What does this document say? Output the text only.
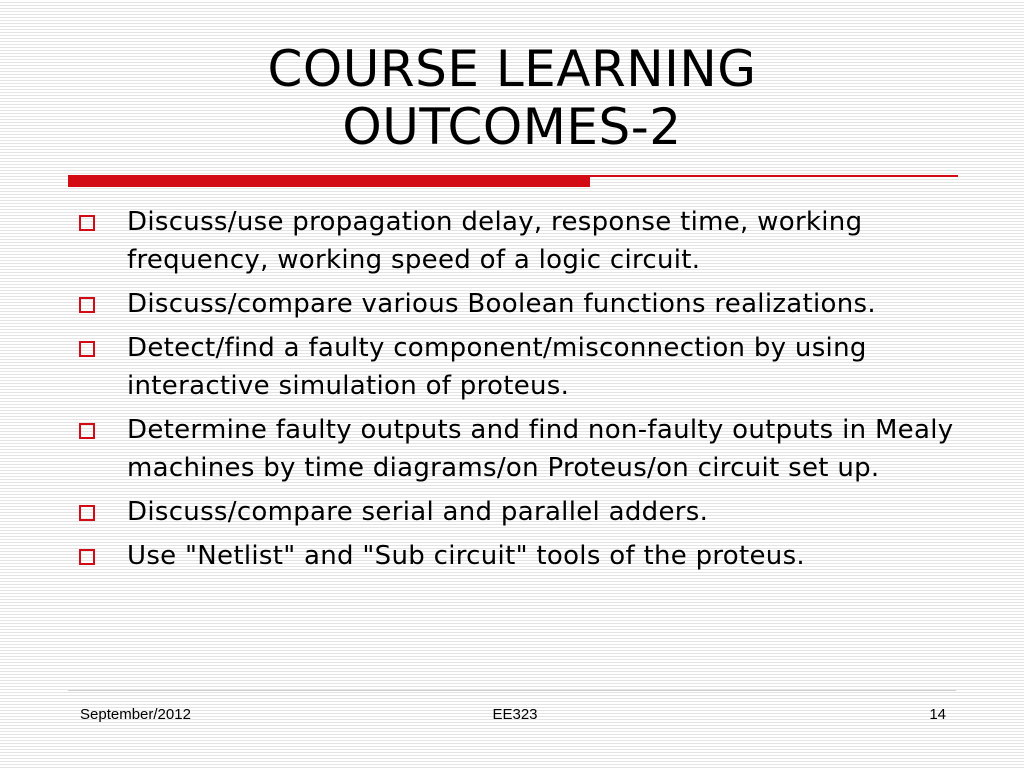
COURSE LEARNING
OUTCOMES-2
Discuss/use propagation delay, response time, working frequency, working speed of a logic circuit.
Discuss/compare various Boolean functions realizations.
Detect/find a faulty component/misconnection by using interactive simulation of proteus.
Determine faulty outputs and find non-faulty outputs in Mealy machines by time diagrams/on Proteus/on circuit set up.
Discuss/compare serial and parallel adders.
Use "Netlist" and "Sub circuit" tools of the proteus.
September/2012	EE323	14
